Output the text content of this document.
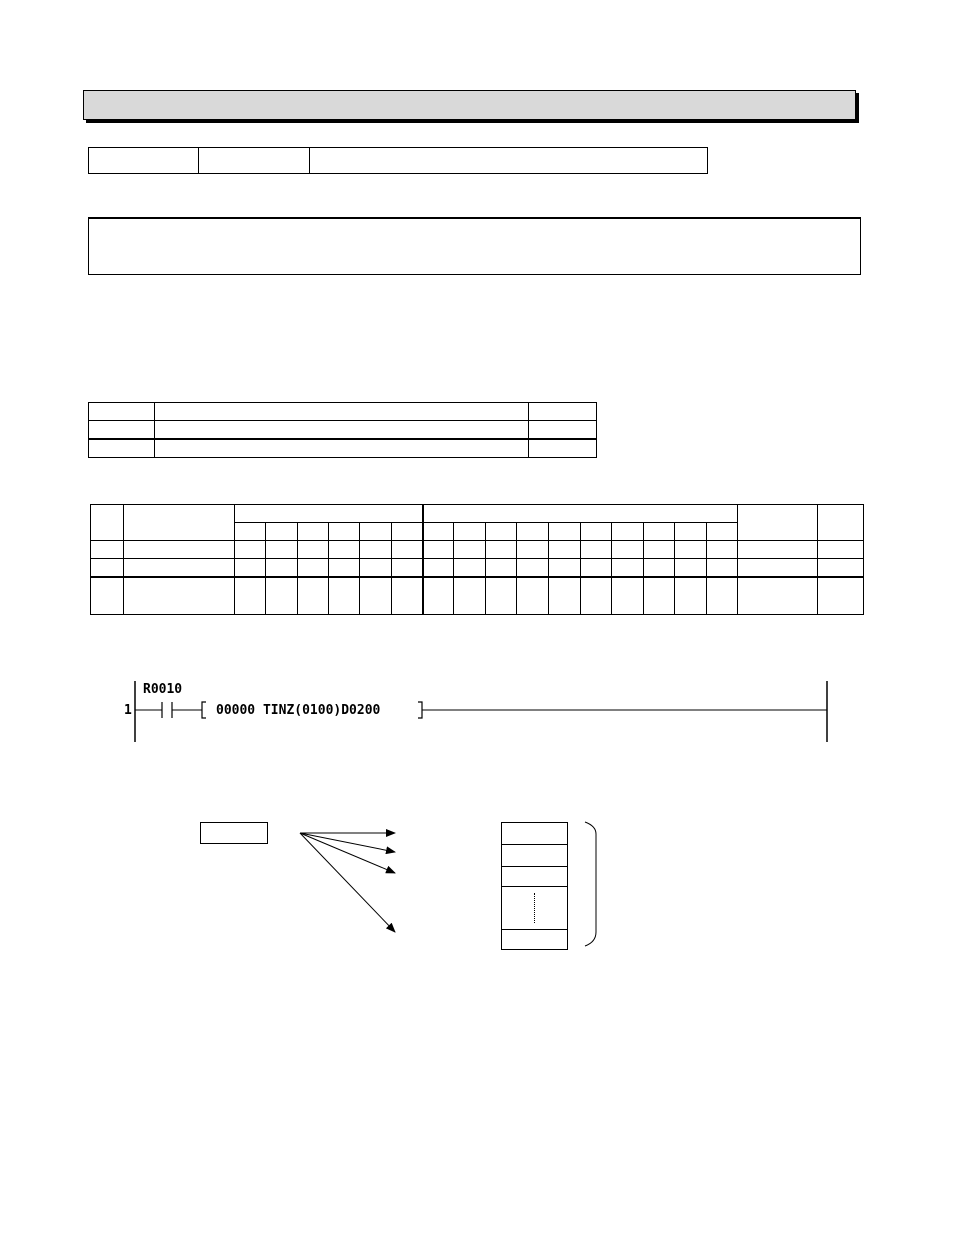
1
R0010
00000 TINZ(0100)D0200
